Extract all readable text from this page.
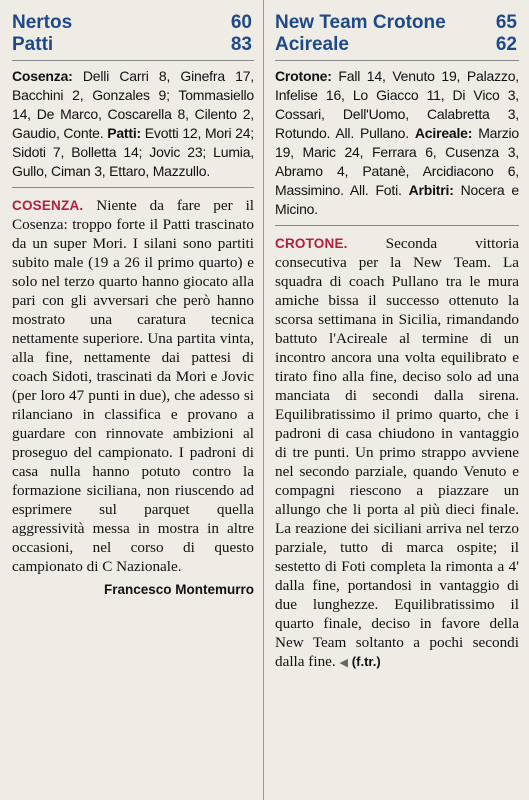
Nertos	60
Patti	83
Cosenza: Delli Carri 8, Ginefra 17, Bacchini 2, Gonzales 9; Tommasiello 14, De Marco, Coscarella 8, Cilento 2, Gaudio, Conte. Patti: Evotti 12, Mori 24; Sidoti 7, Bolletta 14; Jovic 23; Lumia, Gullo, Ciman 3, Ettaro, Mazzullo.
COSENZA. Niente da fare per il Cosenza: troppo forte il Patti trascinato da un super Mori. I silani sono partiti subito male (19 a 26 il primo quarto) e solo nel terzo quarto hanno giocato alla pari con gli avversari che però hanno mostrato una caratura tecnica nettamente superiore. Una partita vinta, alla fine, nettamente dai pattesi di coach Sidoti, trascinati da Mori e Jovic (per loro 47 punti in due), che adesso si rilanciano in classifica e provano a guardare con rinnovate ambizioni al proseguo del campionato. I padroni di casa nulla hanno potuto contro la formazione siciliana, non riuscendo ad esprimere sul parquet quella aggressività messa in mostra in altre occasioni, nel corso di questo campionato di C Nazionale.
Francesco Montemurro
New Team Crotone	65
Acireale	62
Crotone: Fall 14, Venuto 19, Palazzo, Infelise 16, Lo Giacco 11, Di Vico 3, Cossari, Dell'Uomo, Calabretta 3, Rotundo. All. Pullano. Acireale: Marzio 19, Maric 24, Ferrara 6, Cusenza 3, Abramo 4, Patanè, Arcidiacono 6, Massimino. All. Foti. Arbitri: Nocera e Micino.
CROTONE.	Seconda vittoria consecutiva per la New Team. La squadra di coach Pullano tra le mura amiche bissa il successo ottenuto la scorsa settimana in Sicilia, rimandando battuto l'Acireale al termine di un incontro ancora una volta equilibrato e tirato fino alla fine, deciso solo ad una manciata di secondi dalla sirena. Equilibratissimo il primo quarto, che i padroni di casa chiudono in vantaggio di tre punti. Un primo strappo avviene nel secondo parziale, quando Venuto e compagni riescono a piazzare un allungo che li porta al più dieci finale. La reazione dei siciliani arriva nel terzo parziale, tutto di marca ospite; il sestetto di Foti completa la rimonta a 4' dalla fine, portandosi in vantaggio di due lunghezze. Equilibratissimo il quarto finale, deciso in favore della New Team soltanto a pochi secondi dalla fine. ◀ (f.tr.)
